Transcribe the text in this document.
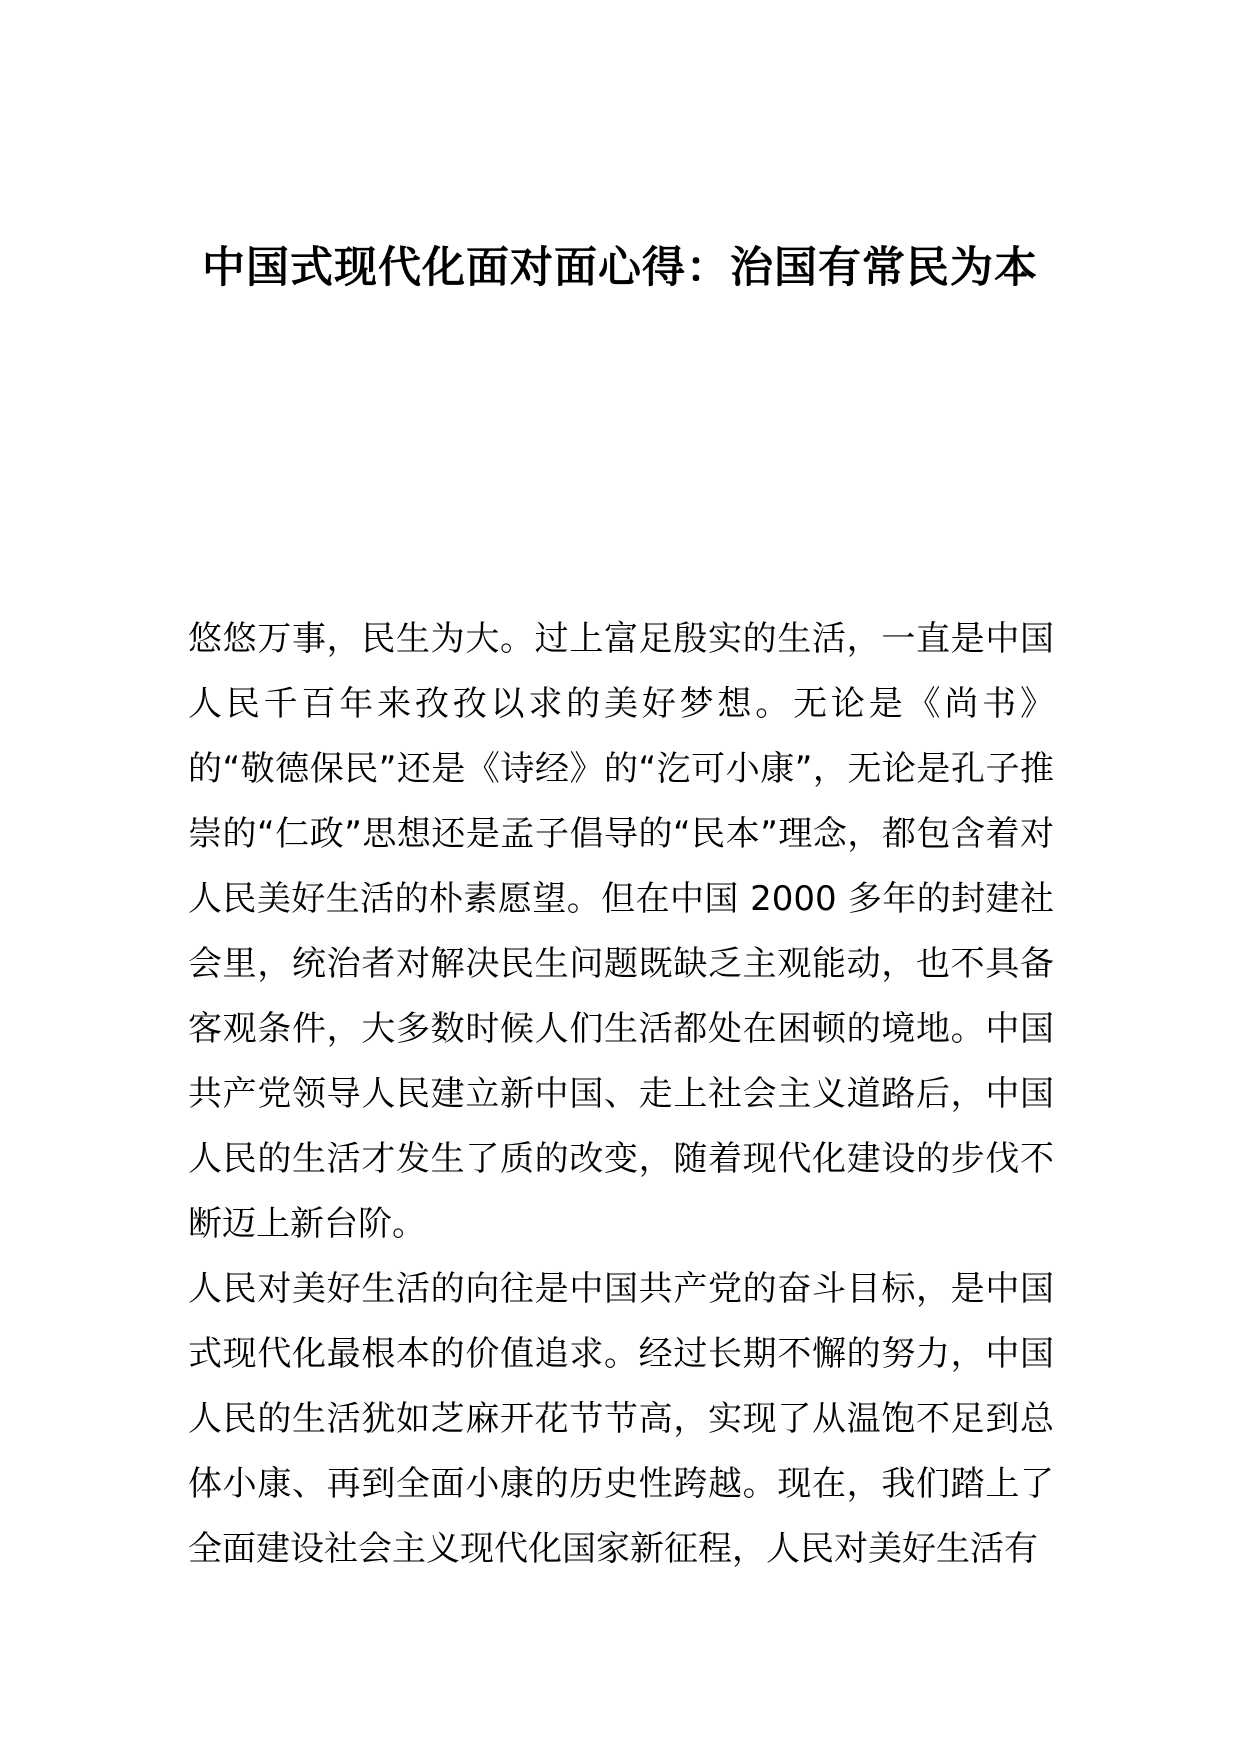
中国式现代化面对面心得：治国有常民为本

悠悠万事，民生为大。过上富足殷实的生活，一直是中国人民千百年来孜孜以求的美好梦想。无论是《尚书》的“敬德保民”还是《诗经》的“汔可小康”，无论是孔子推崇的“仁政”思想还是孟子倡导的“民本”理念，都包含着对人民美好生活的朴素愿望。但在中国 2000 多年的封建社会里，统治者对解决民生问题既缺乏主观能动，也不具备客观条件，大多数时候人们生活都处在困顿的境地。中国共产党领导人民建立新中国、走上社会主义道路后，中国人民的生活才发生了质的改变，随着现代化建设的步伐不断迈上新台阶。

人民对美好生活的向往是中国共产党的奋斗目标，是中国式现代化最根本的价值追求。经过长期不懈的努力，中国人民的生活犹如芝麻开花节节高，实现了从温饱不足到总体小康、再到全面小康的历史性跨越。现在，我们踏上了全面建设社会主义现代化国家新征程，人民对美好生活有
